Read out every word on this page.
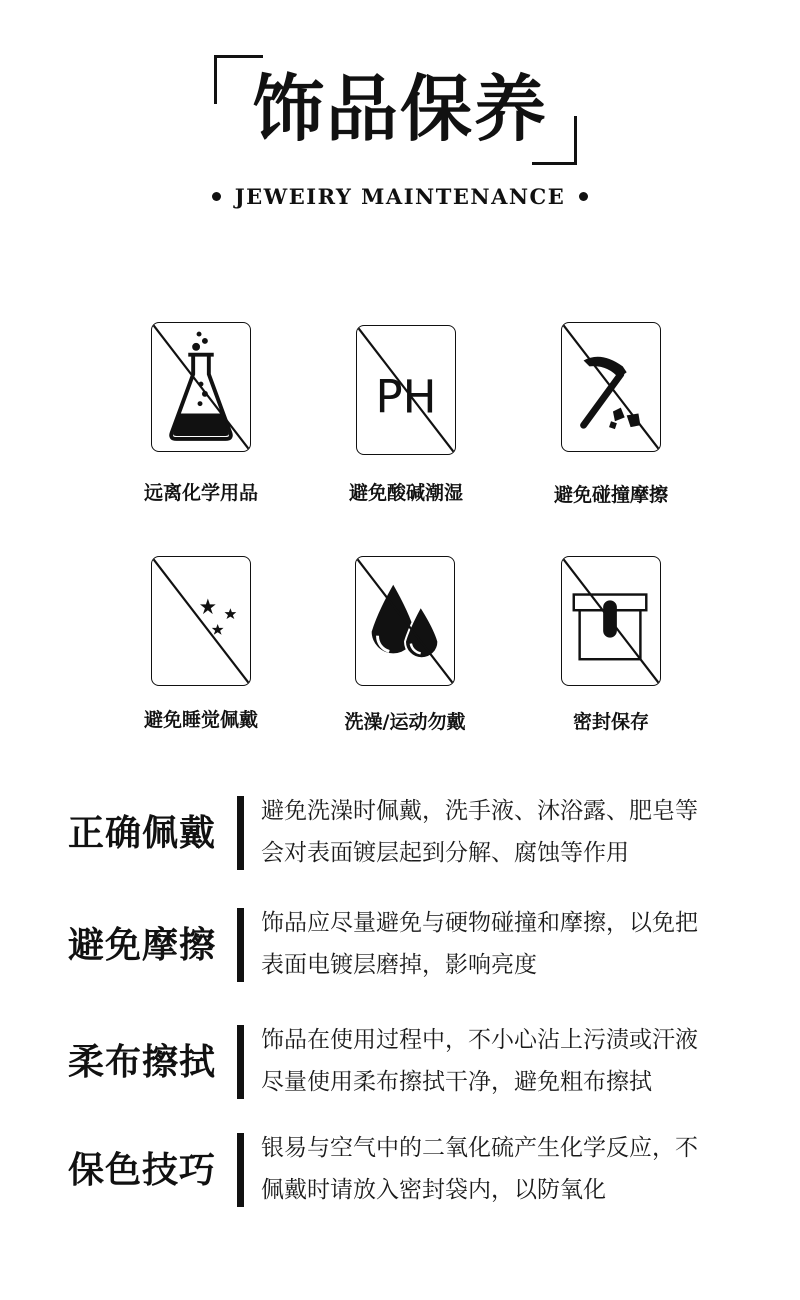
饰品保养
JEWEIRY MAINTENANCE
远离化学用品
PH
避免酸碱潮湿	避免碰撞摩擦
避免睡觉佩戴	洗澡/运动勿戴	密封保存
正确佩戴
避免洗澡时佩戴，洗手液、沐浴露、肥皂等
会对表面镀层起到分解、腐蚀等作用
避免摩擦
饰品应尽量避免与硬物碰撞和摩擦，以免把
表面电镀层磨掉，影响亮度
柔布擦拭
饰品在使用过程中，不小心沾上污渍或汗液
尽量使用柔布擦拭干净，避免粗布擦拭
保色技巧
银易与空气中的二氧化硫产生化学反应，不
佩戴时请放入密封袋内，以防氧化
